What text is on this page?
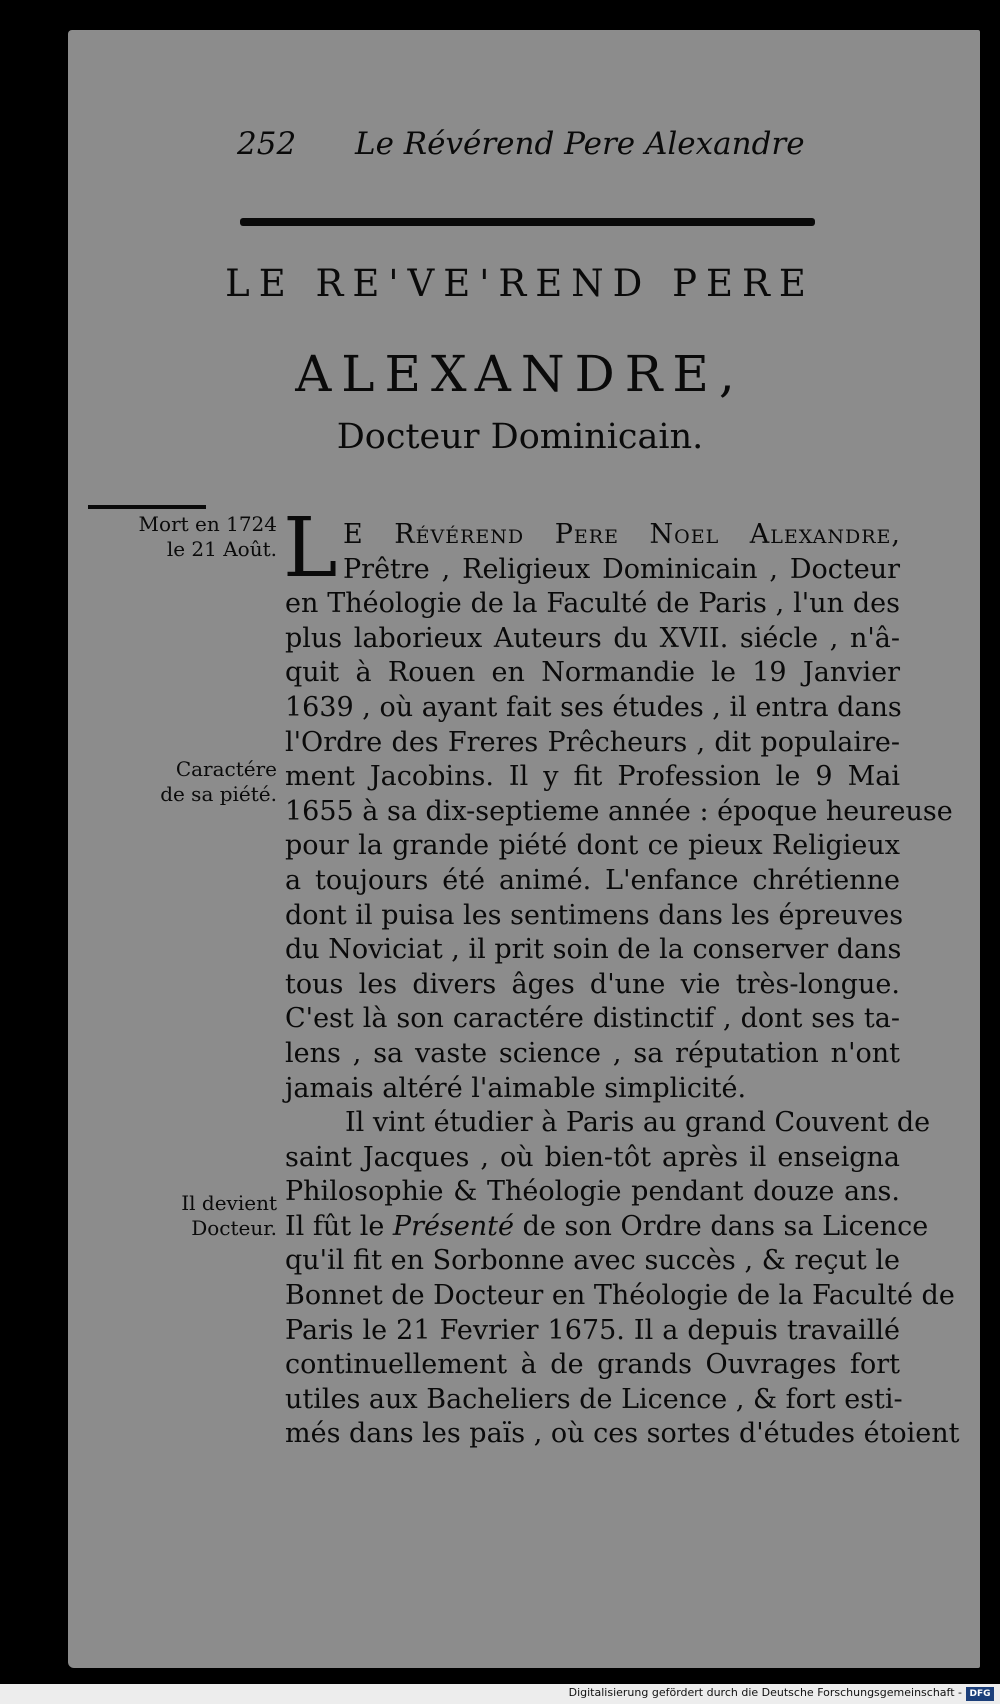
252 Le Révérend Pere Alexandre
LE RE'VE'REND PERE
ALEXANDRE,
Docteur Dominicain.
Mort en 1724
le 21 Août.
Caractére
de sa piété.
Il devient
Docteur.
L E Révérend Pere Noel Alexandre,
Prêtre , Religieux Dominicain , Docteur
en Théologie de la Faculté de Paris , l'un des
plus laborieux Auteurs du XVII. siécle , n'â-
quit à Rouen en Normandie le 19 Janvier
1639 , où ayant fait ses études , il entra dans
l'Ordre des Freres Prêcheurs , dit populaire-
ment Jacobins. Il y fit Profession le 9 Mai
1655 à sa dix-septieme année : époque heureuse
pour la grande piété dont ce pieux Religieux
a toujours été animé. L'enfance chrétienne
dont il puisa les sentimens dans les épreuves
du Noviciat , il prit soin de la conserver dans
tous les divers âges d'une vie très-longue.
C'est là son caractére distinctif , dont ses ta-
lens , sa vaste science , sa réputation n'ont
jamais altéré l'aimable simplicité.
Il vint étudier à Paris au grand Couvent de
saint Jacques , où bien-tôt après il enseigna
Philosophie & Théologie pendant douze ans.
Il fût le Présenté de son Ordre dans sa Licence
qu'il fit en Sorbonne avec succès , & reçut le
Bonnet de Docteur en Théologie de la Faculté de
Paris le 21 Fevrier 1675. Il a depuis travaillé
continuellement à de grands Ouvrages fort
utiles aux Bacheliers de Licence , & fort esti-
més dans les païs , où ces sortes d'études étoient
Digitalisierung gefördert durch die Deutsche Forschungsgemeinschaft - DFG
